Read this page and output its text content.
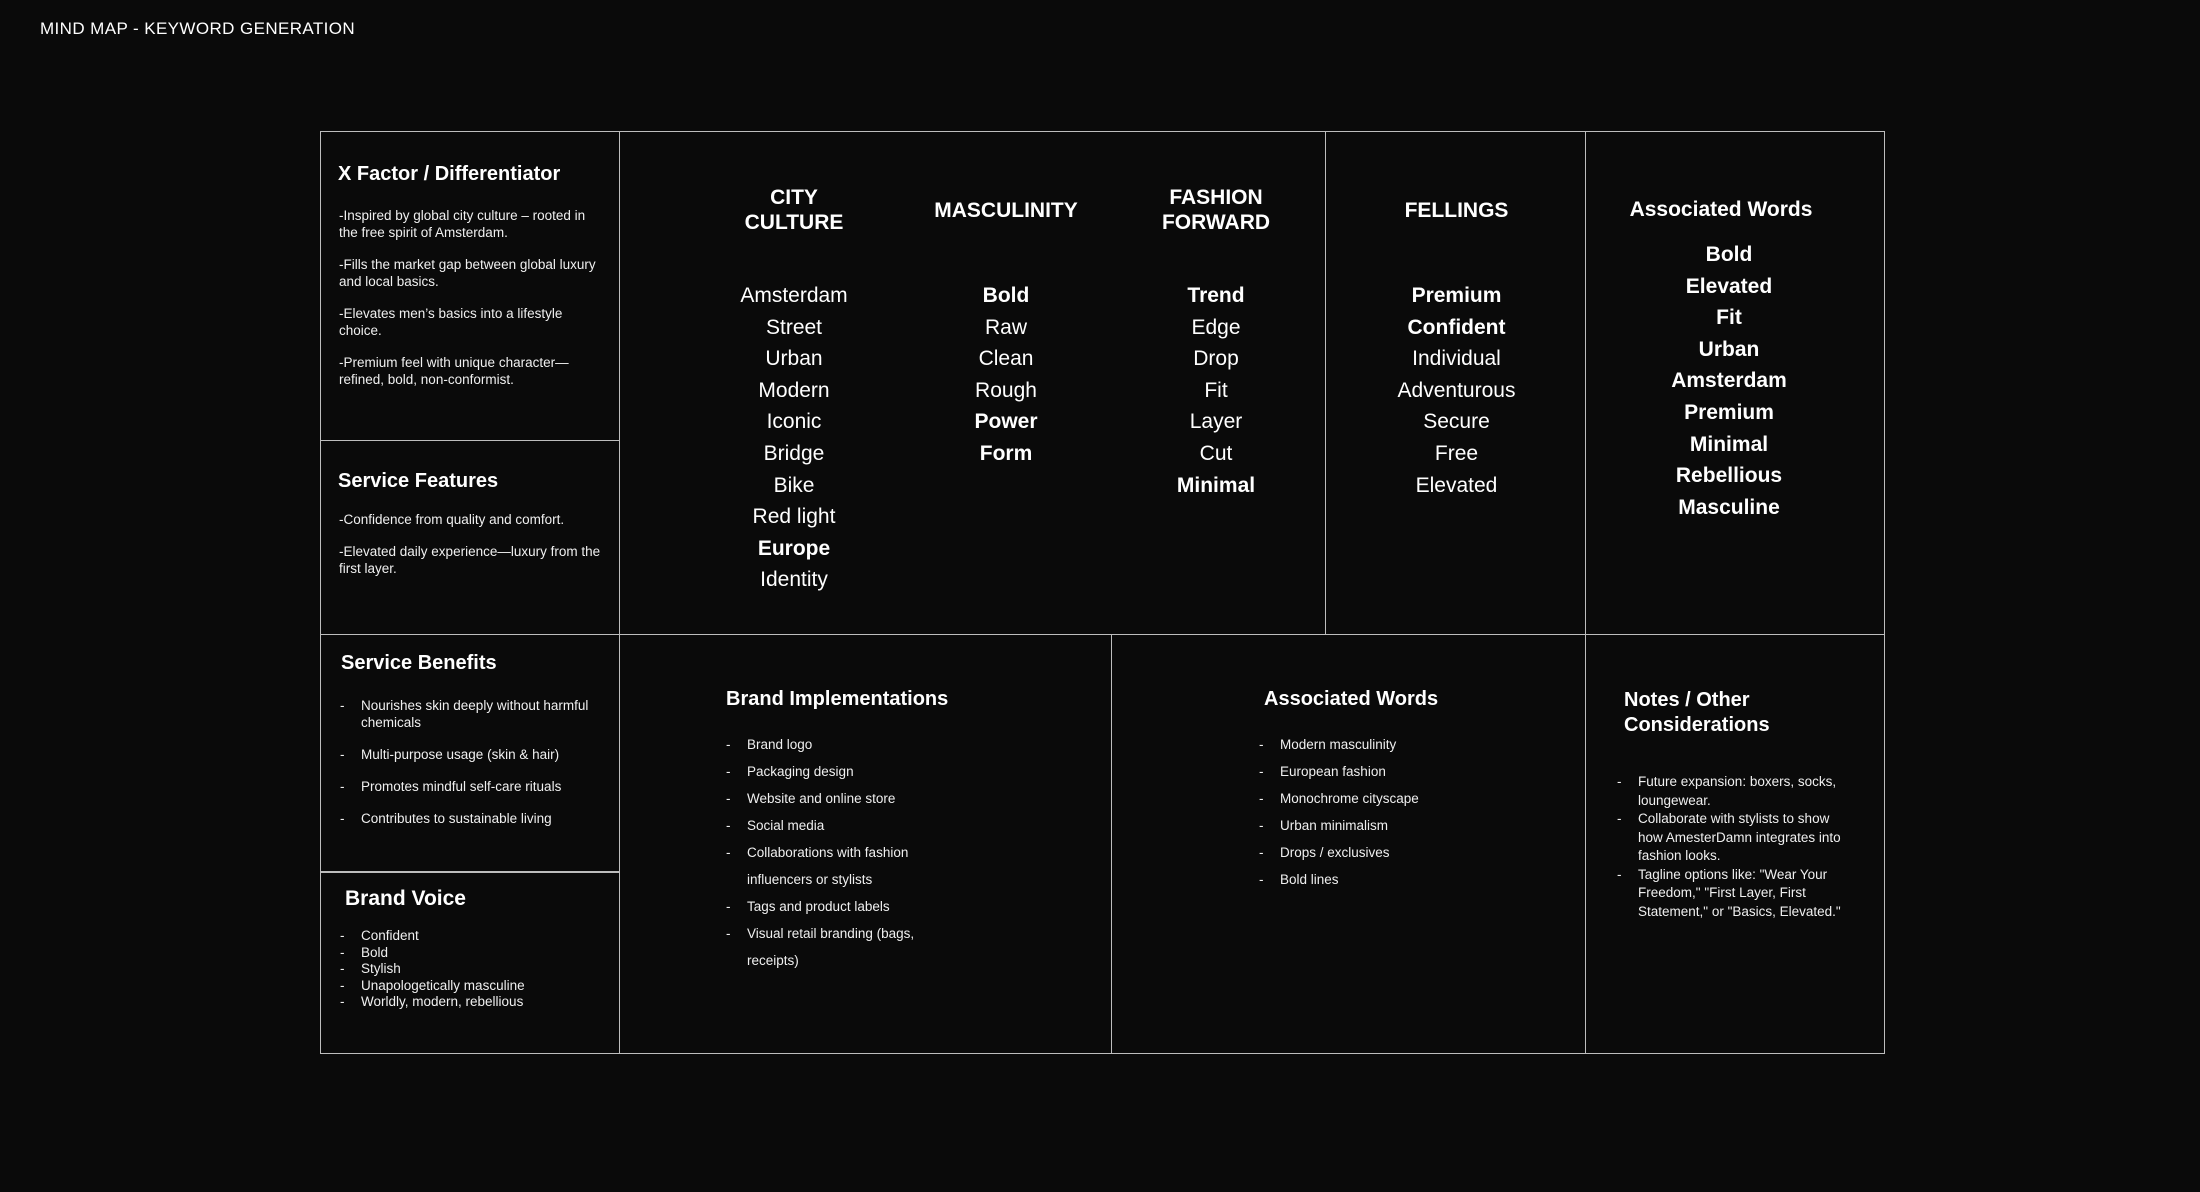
MIND MAP - KEYWORD GENERATION
X Factor / Differentiator

-Inspired by global city culture – rooted in the free spirit of Amsterdam.

-Fills the market gap between global luxury and local basics.

-Elevates men’s basics into a lifestyle choice.

-Premium feel with unique character—refined, bold, non-conformist.

Service Features

-Confidence from quality and comfort.

-Elevated daily experience—luxury from the first layer.

CITY
CULTURE
Amsterdam
Street
Urban
Modern
Iconic
Bridge
Bike
Red light
Europe
Identity
MASCULINITY
Bold
Raw
Clean
Rough
Power
Form
FASHION
FORWARD
Trend
Edge
Drop
Fit
Layer
Cut
Minimal
FELLINGS
Premium
Confident
Individual
Adventurous
Secure
Free
Elevated
Associated Words
Bold
Elevated
Fit
Urban
Amsterdam
Premium
Minimal
Rebellious
Masculine
Service Benefits
- Nourishes skin deeply without harmful chemicals
- Multi-purpose usage (skin & hair)
- Promotes mindful self-care rituals
- Contributes to sustainable living
Brand Voice
- Confident
- Bold
- Stylish
- Unapologetically masculine
- Worldly, modern, rebellious
Brand Implementations
- Brand logo
- Packaging design
- Website and online store
- Social media
- Collaborations with fashion influencers or stylists
- Tags and product labels
- Visual retail branding (bags, receipts)
Associated Words
- Modern masculinity
- European fashion
- Monochrome cityscape
- Urban minimalism
- Drops / exclusives
- Bold lines
Notes / Other Considerations
- Future expansion: boxers, socks, loungewear.
- Collaborate with stylists to show how AmesterDamn integrates into fashion looks.
- Tagline options like: "Wear Your Freedom," "First Layer, First Statement," or "Basics, Elevated."
